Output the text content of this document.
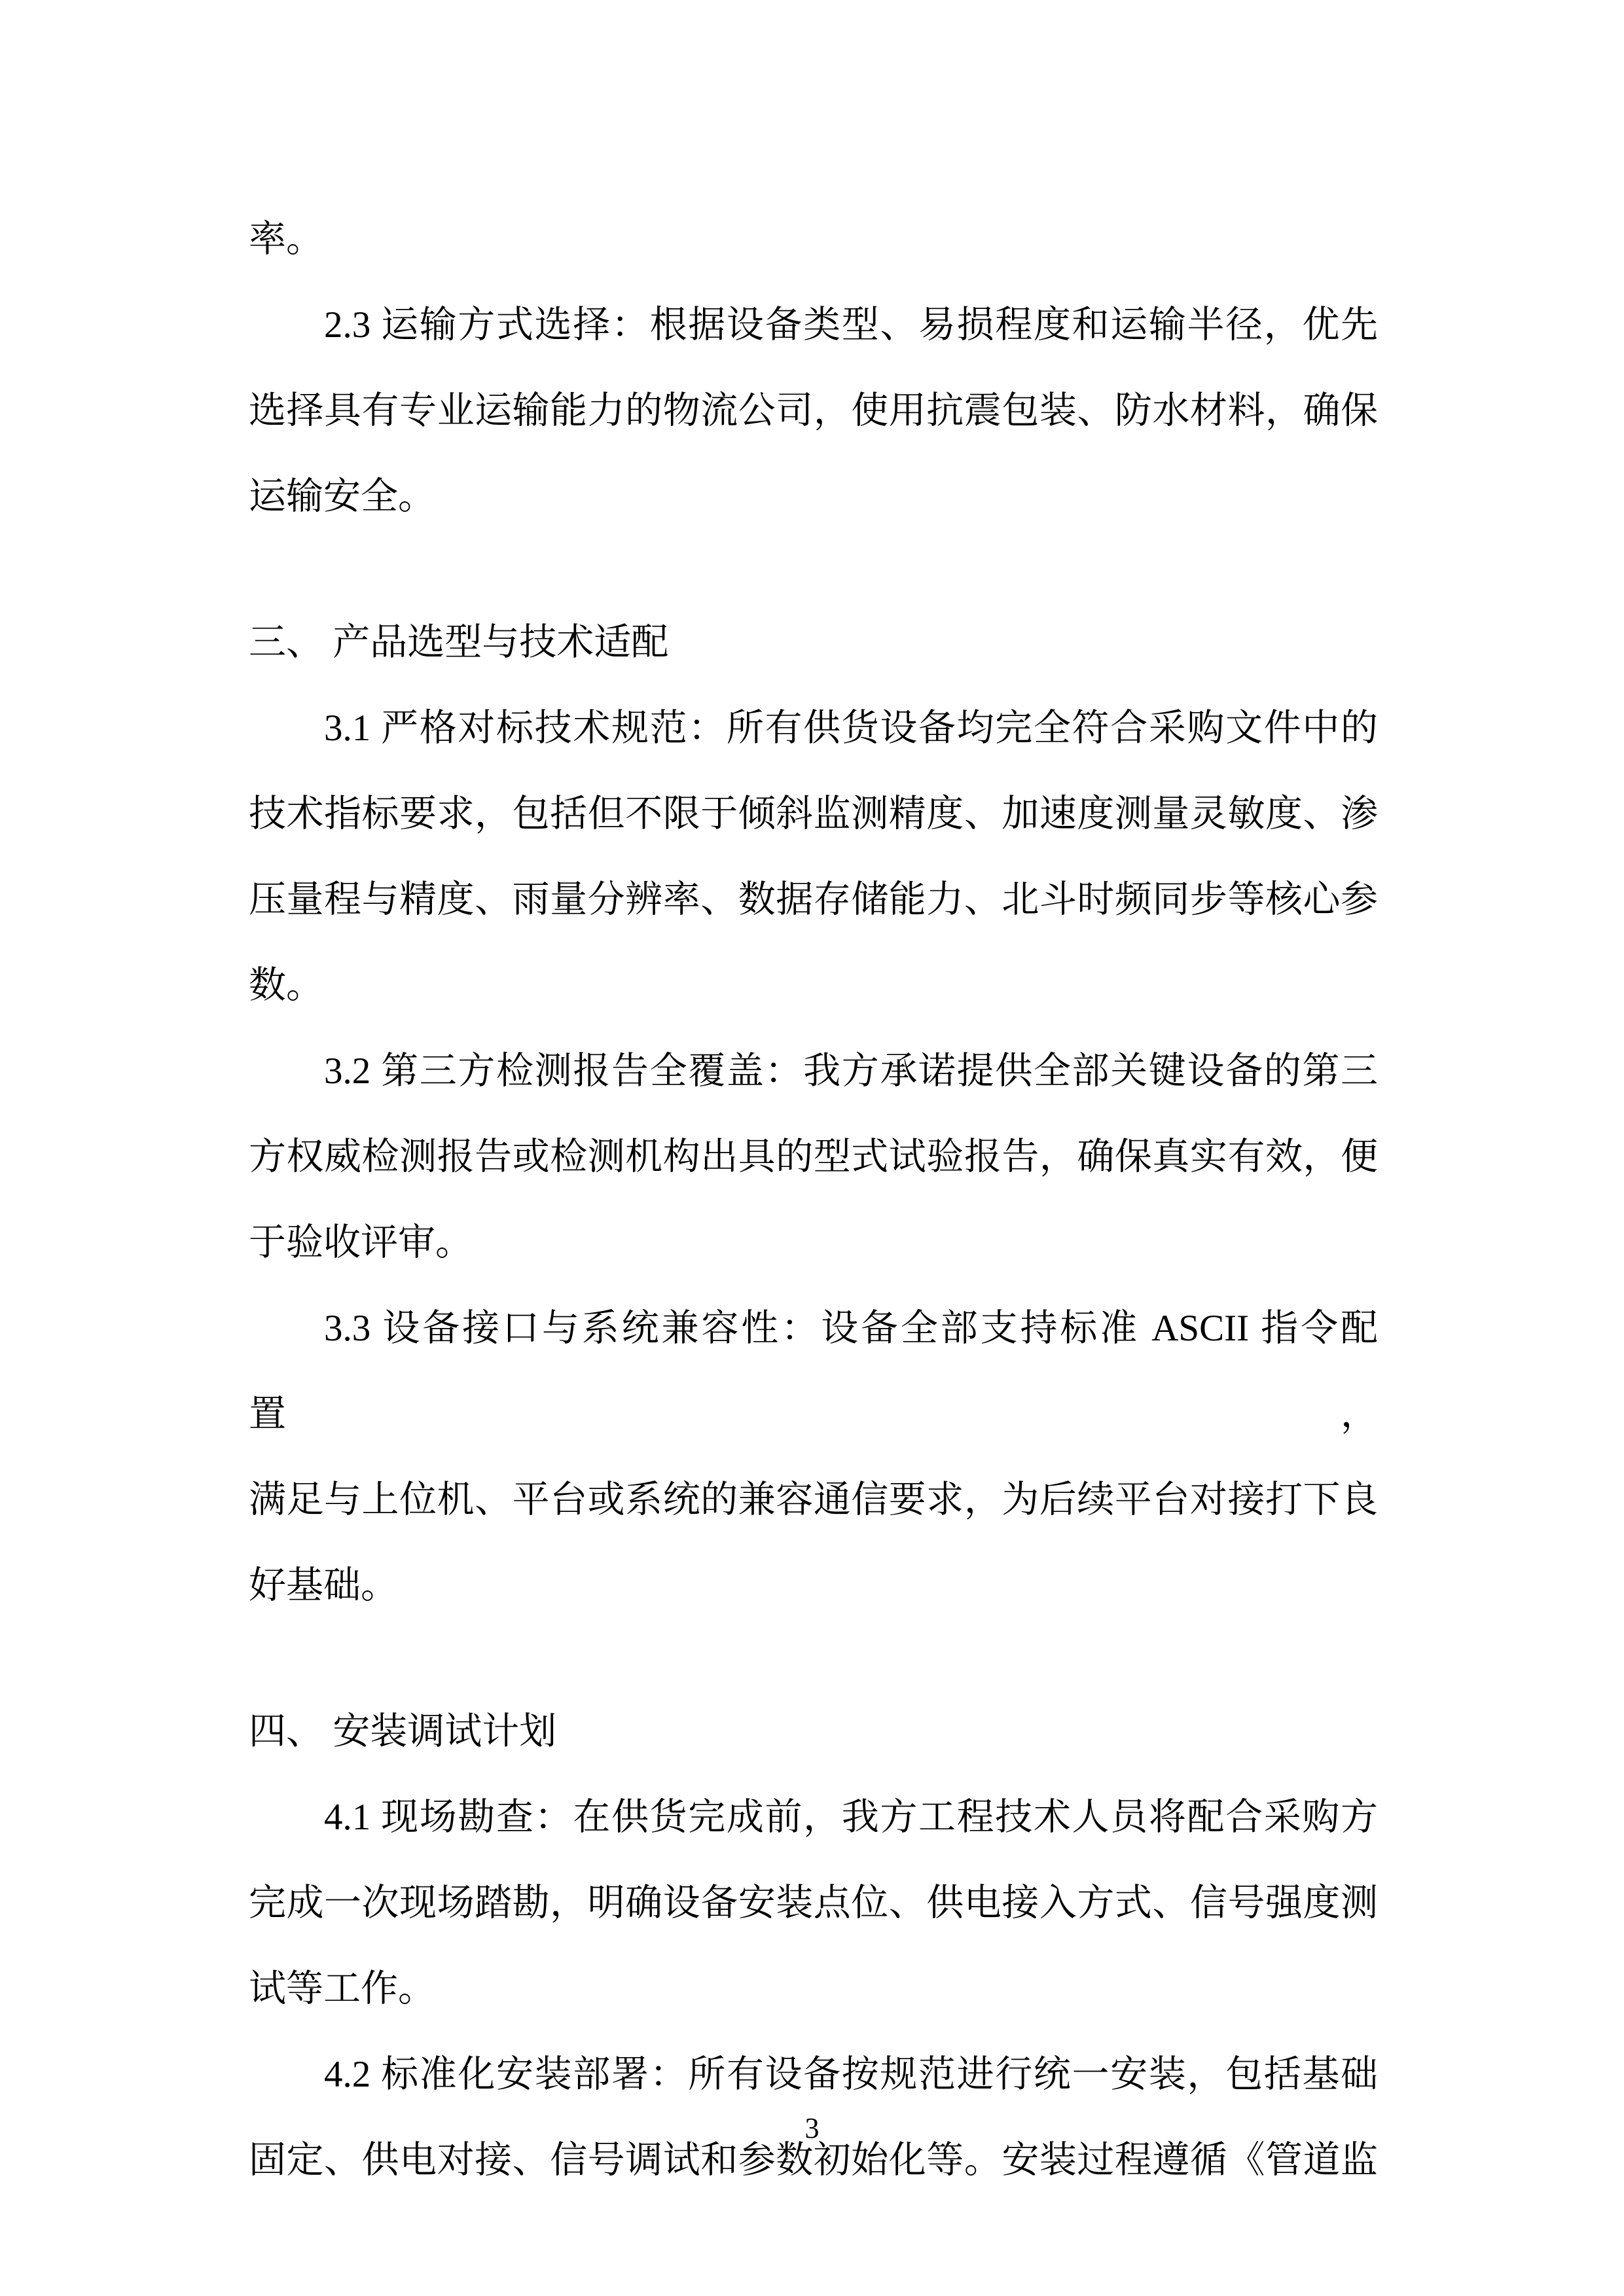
率。
2.3 运输方式选择：根据设备类型、易损程度和运输半径，优先
选择具有专业运输能力的物流公司，使用抗震包装、防水材料，确保
运输安全。
三、 产品选型与技术适配
3.1 严格对标技术规范：所有供货设备均完全符合采购文件中的
技术指标要求，包括但不限于倾斜监测精度、加速度测量灵敏度、渗
压量程与精度、雨量分辨率、数据存储能力、北斗时频同步等核心参
数。
3.2 第三方检测报告全覆盖：我方承诺提供全部关键设备的第三
方权威检测报告或检测机构出具的型式试验报告，确保真实有效，便
于验收评审。
3.3 设备接口与系统兼容性：设备全部支持标准 ASCII 指令配置，
满足与上位机、平台或系统的兼容通信要求，为后续平台对接打下良
好基础。
四、 安装调试计划
4.1 现场勘查：在供货完成前，我方工程技术人员将配合采购方
完成一次现场踏勘，明确设备安装点位、供电接入方式、信号强度测
试等工作。
4.2 标准化安装部署：所有设备按规范进行统一安装，包括基础
固定、供电对接、信号调试和参数初始化等。安装过程遵循《管道监
3
